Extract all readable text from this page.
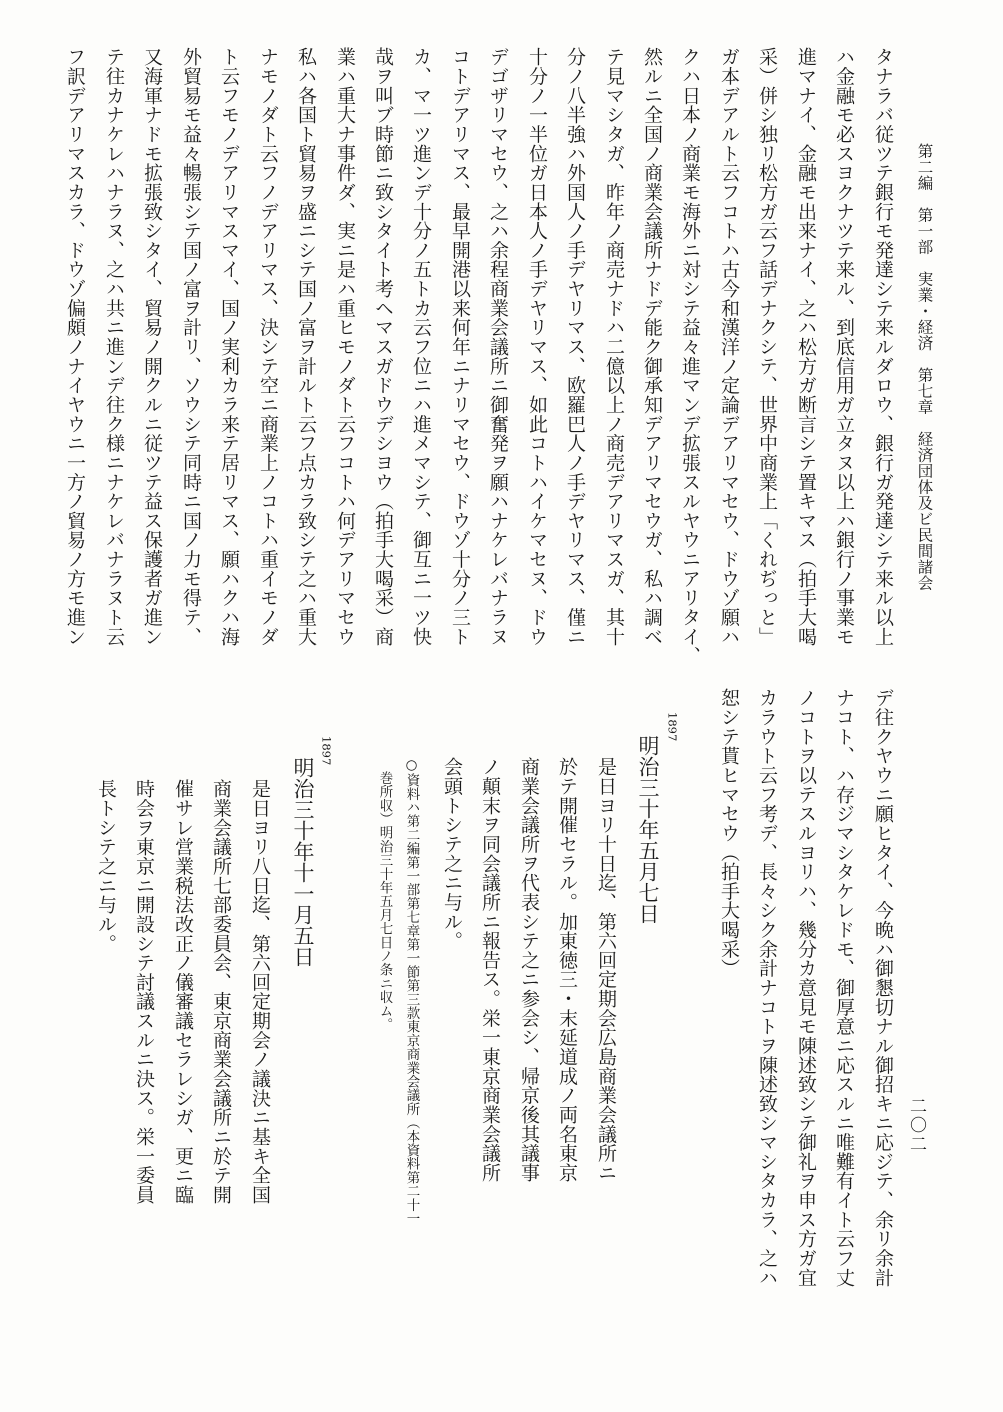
第二編　第一部　実業・経済　第七章　経済団体及ビ民間諸会
二〇二
タナラバ従ツテ銀行モ発達シテ来ルダロウ、銀行ガ発達シテ来ル以上
ハ金融モ必スヨクナツテ来ル、到底信用ガ立タヌ以上ハ銀行ノ事業モ
進マナイ、金融モ出来ナイ、之ハ松方ガ断言シテ置キマス（拍手大喝
采）併シ独リ松方ガ云フ話デナクシテ、世界中商業上「くれぢっと」
ガ本デアルト云フコトハ古今和漢洋ノ定論デアリマセウ、ドウゾ願ハ
クハ日本ノ商業モ海外ニ対シテ益々進マンデ拡張スルヤウニアリタイ、
然ルニ全国ノ商業会議所ナドデ能ク御承知デアリマセウガ、私ハ調ベ
テ見マシタガ、昨年ノ商売ナドハ二億以上ノ商売デアリマスガ、其十
分ノ八半強ハ外国人ノ手デヤリマス、欧羅巴人ノ手デヤリマス、僅ニ
十分ノ一半位ガ日本人ノ手デヤリマス、如此コトハイケマセヌ、ドウ
デゴザリマセウ、之ハ余程商業会議所ニ御奮発ヲ願ハナケレバナラヌ
コトデアリマス、最早開港以来何年ニナリマセウ、ドウゾ十分ノ三ト
カ、マ一ツ進ンデ十分ノ五トカ云フ位ニハ進メマシテ、御互ニ一ツ快
哉ヲ叫ブ時節ニ致シタイト考ヘマスガドウデシヨウ（拍手大喝采）商
業ハ重大ナ事件ダ、実ニ是ハ重ヒモノダト云フコトハ何デアリマセウ
私ハ各国ト貿易ヲ盛ニシテ国ノ富ヲ計ルト云フ点カラ致シテ之ハ重大
ナモノダト云フノデアリマス、決シテ空ニ商業上ノコトハ重イモノダ
ト云フモノデアリマスマイ、国ノ実利カラ来テ居リマス、願ハクハ海
外貿易モ益々暢張シテ国ノ富ヲ計リ、ソウシテ同時ニ国ノ力モ得テ、
又海軍ナドモ拡張致シタイ、貿易ノ開クルニ従ツテ益ス保護者ガ進ン
テ往カナケレハナラヌ、之ハ共ニ進ンデ往ク様ニナケレバナラヌト云
フ訳デアリマスカラ、ドウゾ偏頗ノナイヤウニ一方ノ貿易ノ方モ進ン
デ往クヤウニ願ヒタイ、今晩ハ御懇切ナル御招キニ応ジテ、余リ余計
ナコト、ハ存ジマシタケレドモ、御厚意ニ応スルニ唯難有イト云フ丈
ノコトヲ以テスルヨリハ、幾分カ意見モ陳述致シテ御礼ヲ申ス方ガ宜
カラウト云フ考デ、長々シク余計ナコトヲ陳述致シマシタカラ、之ハ
恕シテ貰ヒマセウ（拍手大喝采）
1897
明治三十年五月七日
是日ヨリ十日迄、第六回定期会広島商業会議所ニ
於テ開催セラル。加東徳三・末延道成ノ両名東京
商業会議所ヲ代表シテ之ニ参会シ、帰京後其議事
ノ顛末ヲ同会議所ニ報告ス。栄一東京商業会議所
会頭トシテ之ニ与ル。
○資料ハ第二編第一部第七章第一節第三款東京商業会議所（本資料第二十一
巻所収）明治三十年五月七日ノ条ニ収ム。
1897
明治三十年十一月五日
是日ヨリ八日迄、第六回定期会ノ議決ニ基キ全国
商業会議所七部委員会、東京商業会議所ニ於テ開
催サレ営業税法改正ノ儀審議セラレシガ、更ニ臨
時会ヲ東京ニ開設シテ討議スルニ決ス。栄一委員
長トシテ之ニ与ル。
